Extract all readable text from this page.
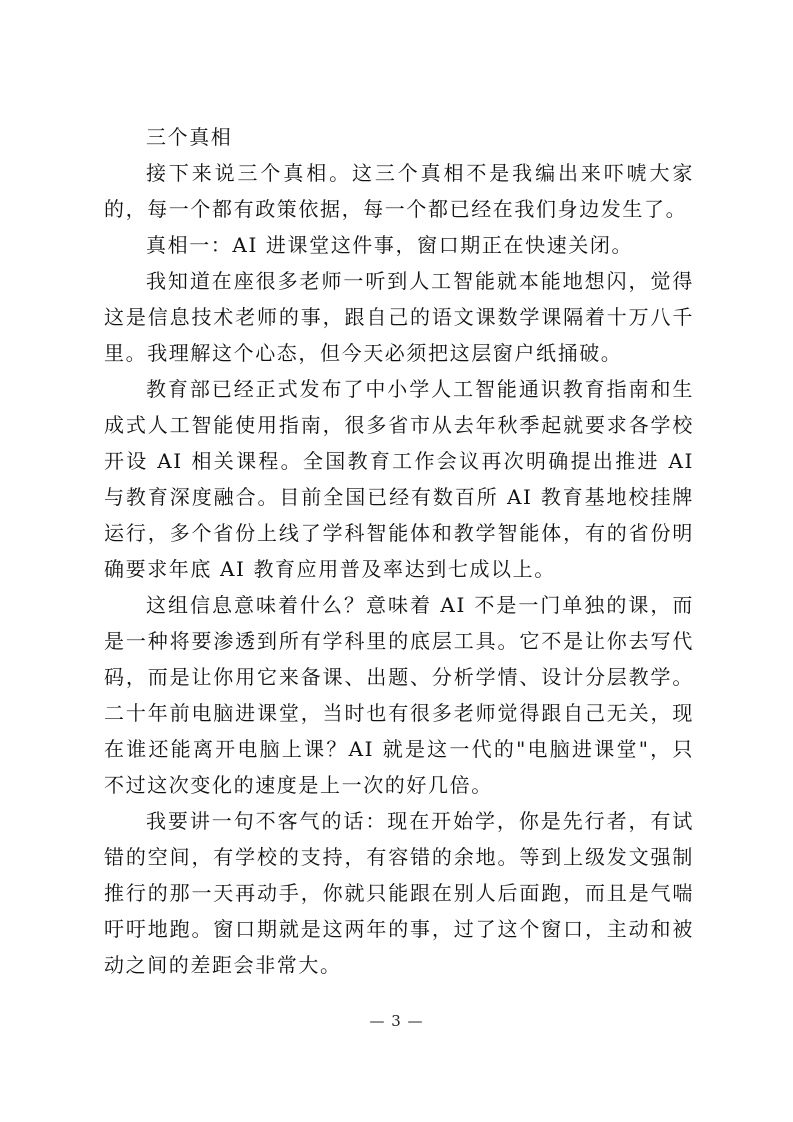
三个真相

接下来说三个真相。这三个真相不是我编出来吓唬大家的，每一个都有政策依据，每一个都已经在我们身边发生了。

真相一：AI 进课堂这件事，窗口期正在快速关闭。

我知道在座很多老师一听到人工智能就本能地想闪，觉得这是信息技术老师的事，跟自己的语文课数学课隔着十万八千里。我理解这个心态，但今天必须把这层窗户纸捅破。

教育部已经正式发布了中小学人工智能通识教育指南和生成式人工智能使用指南，很多省市从去年秋季起就要求各学校开设 AI 相关课程。全国教育工作会议再次明确提出推进 AI 与教育深度融合。目前全国已经有数百所 AI 教育基地校挂牌运行，多个省份上线了学科智能体和教学智能体，有的省份明确要求年底 AI 教育应用普及率达到七成以上。

这组信息意味着什么？意味着 AI 不是一门单独的课，而是一种将要渗透到所有学科里的底层工具。它不是让你去写代码，而是让你用它来备课、出题、分析学情、设计分层教学。二十年前电脑进课堂，当时也有很多老师觉得跟自己无关，现在谁还能离开电脑上课？AI 就是这一代的"电脑进课堂"，只不过这次变化的速度是上一次的好几倍。

我要讲一句不客气的话：现在开始学，你是先行者，有试错的空间，有学校的支持，有容错的余地。等到上级发文强制推行的那一天再动手，你就只能跟在别人后面跑，而且是气喘吁吁地跑。窗口期就是这两年的事，过了这个窗口，主动和被动之间的差距会非常大。

— 3 —
